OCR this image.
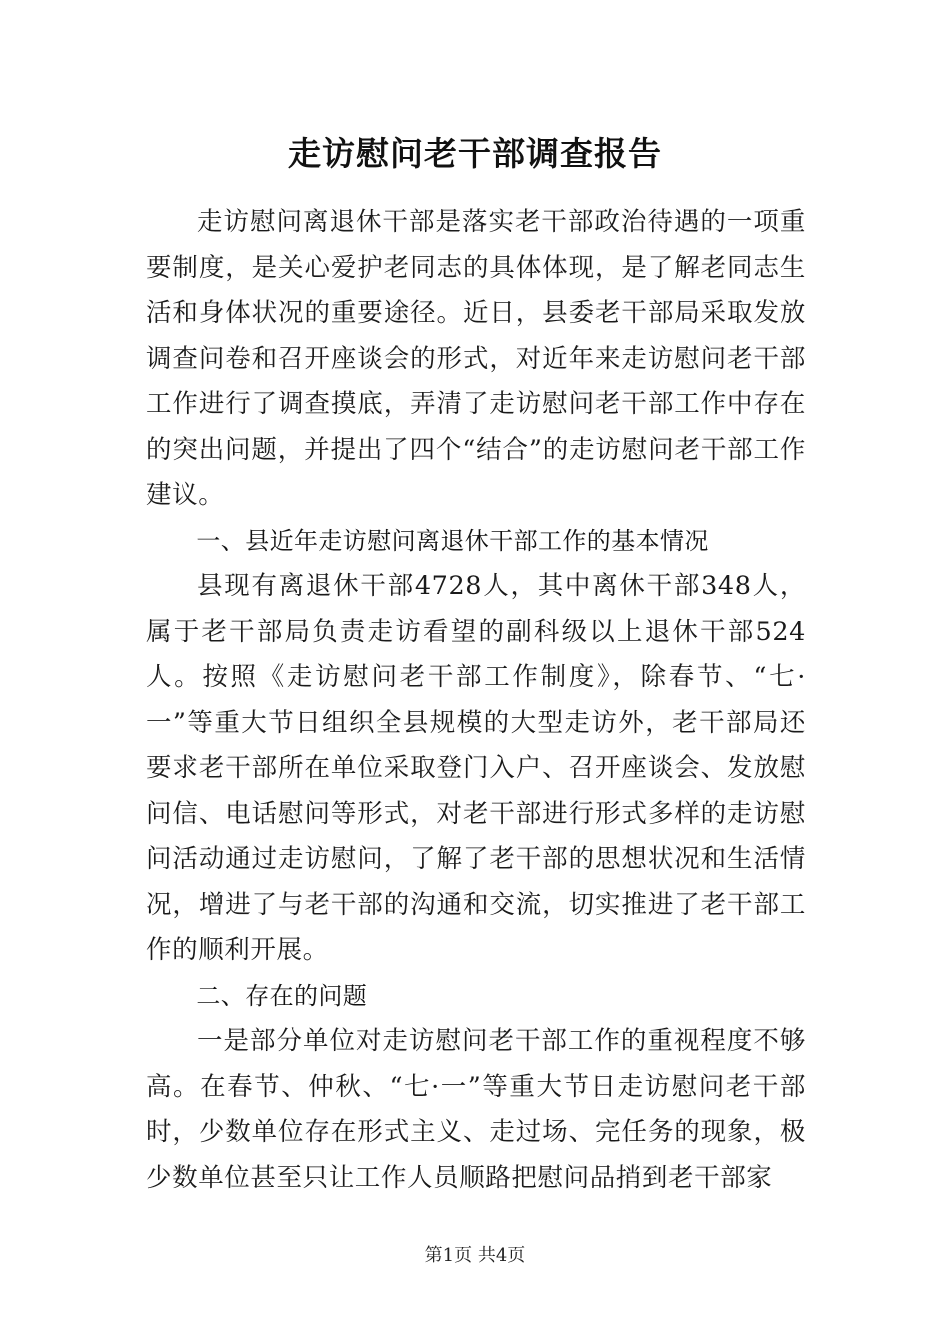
走访慰问老干部调查报告

走访慰问离退休干部是落实老干部政治待遇的一项重要制度，是关心爱护老同志的具体体现，是了解老同志生活和身体状况的重要途径。近日，县委老干部局采取发放调查问卷和召开座谈会的形式，对近年来走访慰问老干部工作进行了调查摸底，弄清了走访慰问老干部工作中存在的突出问题，并提出了四个“结合”的走访慰问老干部工作建议。

一、县近年走访慰问离退休干部工作的基本情况

县现有离退休干部4728人，其中离休干部348人，属于老干部局负责走访看望的副科级以上退休干部524人。按照《走访慰问老干部工作制度》，除春节、“七·一”等重大节日组织全县规模的大型走访外，老干部局还要求老干部所在单位采取登门入户、召开座谈会、发放慰问信、电话慰问等形式，对老干部进行形式多样的走访慰问活动通过走访慰问，了解了老干部的思想状况和生活情况，增进了与老干部的沟通和交流，切实推进了老干部工作的顺利开展。

二、存在的问题

一是部分单位对走访慰问老干部工作的重视程度不够高。在春节、仲秋、“七·一”等重大节日走访慰问老干部时，少数单位存在形式主义、走过场、完任务的现象，极少数单位甚至只让工作人员顺路把慰问品捎到老干部家

第1页 共4页
